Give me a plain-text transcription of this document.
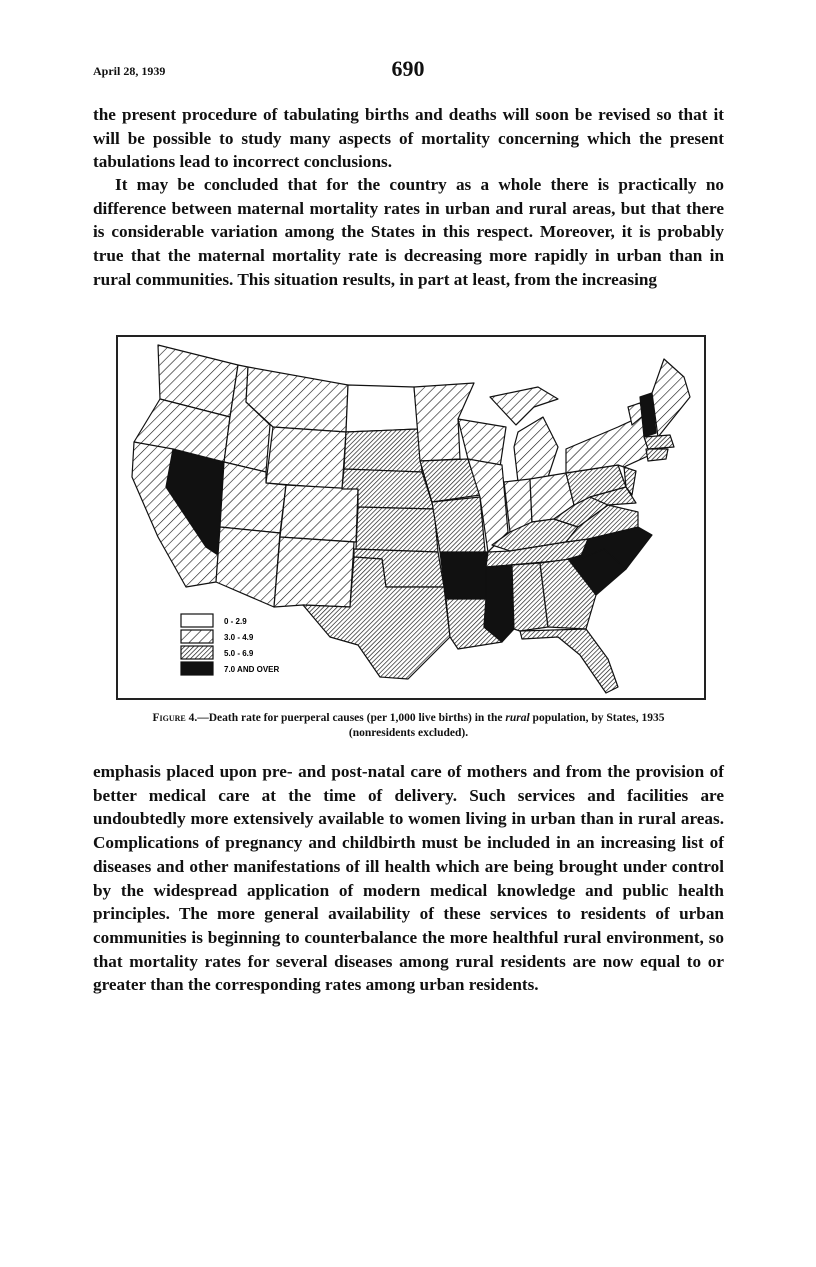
April 28, 1939	690

the present procedure of tabulating births and deaths will soon be revised so that it will be possible to study many aspects of mortality concerning which the present tabulations lead to incorrect conclusions.

It may be concluded that for the country as a whole there is practically no difference between maternal mortality rates in urban and rural areas, but that there is considerable variation among the States in this respect. Moreover, it is probably true that the maternal mortality rate is decreasing more rapidly in urban than in rural communities. This situation results, in part at least, from the increasing

0 - 2.9
3.0 - 4.9
5.0 - 6.9
7.0 AND OVER

Figure 4.—Death rate for puerperal causes (per 1,000 live births) in the rural population, by States, 1935
(nonresidents excluded).

emphasis placed upon pre- and post-natal care of mothers and from the provision of better medical care at the time of delivery. Such services and facilities are undoubtedly more extensively available to women living in urban than in rural areas. Complications of pregnancy and childbirth must be included in an increasing list of diseases and other manifestations of ill health which are being brought under control by the widespread application of modern medical knowledge and public health principles. The more general availability of these services to residents of urban communities is beginning to counterbalance the more healthful rural environment, so that mortality rates for several diseases among rural residents are now equal to or greater than the corresponding rates among urban residents.
